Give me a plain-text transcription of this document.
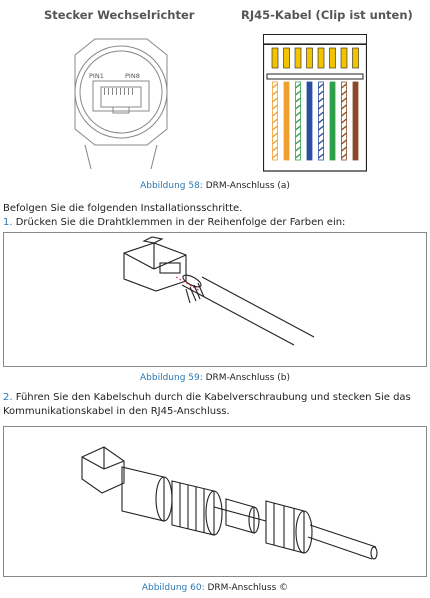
Stecker Wechselrichter	RJ45-Kabel (Clip ist unten)
PIN1	PIN8
Abbildung 58: DRM-Anschluss (a)
Befolgen Sie die folgenden Installationsschritte.
1. Drücken Sie die Drahtklemmen in der Reihenfolge der Farben ein:
Abbildung 59: DRM-Anschluss (b)
2. Führen Sie den Kabelschuh durch die Kabelverschraubung und stecken Sie das Kommunikationskabel in den RJ45-Anschluss.
Abbildung 60: DRM-Anschluss ©
